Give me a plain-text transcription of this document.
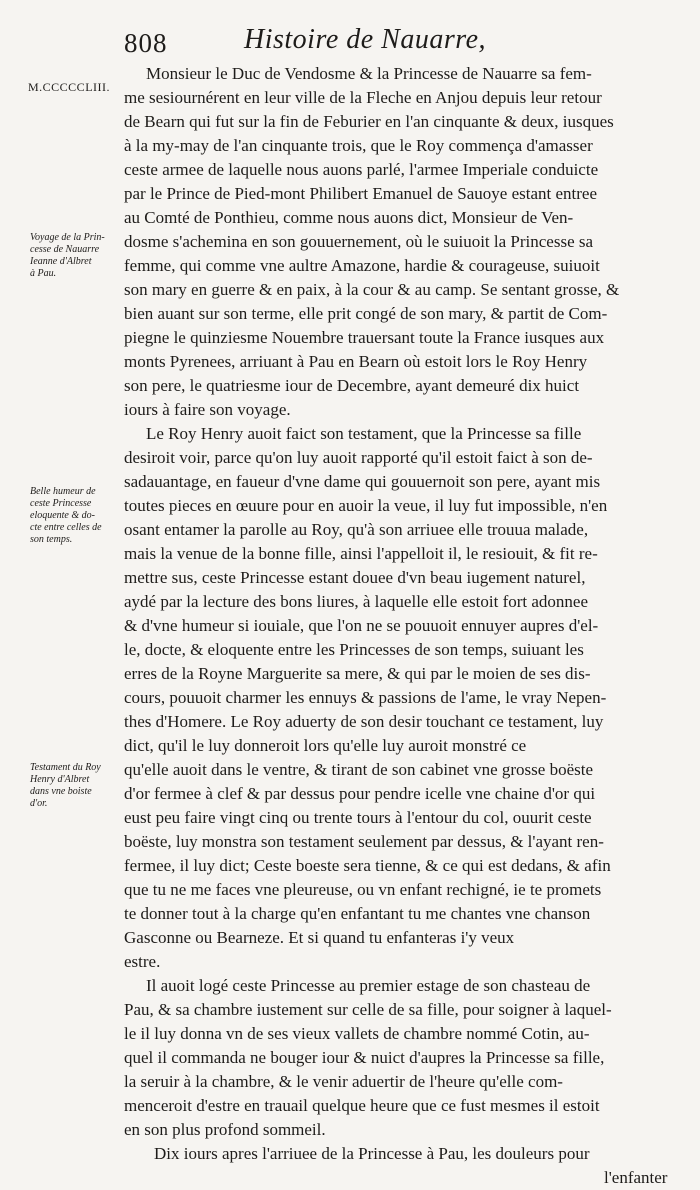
808	Histoire de Nauarre,
M.CCCCCLIII.
Voyage de la Prin-
cesse de Nauarre
Ieanne d'Albret
à Pau.
Belle humeur de
ceste Princesse
eloquente & do-
cte entre celles de
son temps.
Testament du Roy
Henry d'Albret
dans vne boiste
d'or.
Monsieur le Duc de Vendosme & la Princesse de Nauarre sa fem-
me sesiournérent en leur ville de la Fleche en Anjou depuis leur retour
de Bearn qui fut sur la fin de Feburier en l'an cinquante & deux, iusques
à la my-may de l'an cinquante trois, que le Roy commença d'amasser
ceste armee de laquelle nous auons parlé, l'armee Imperiale conduicte
par le Prince de Pied-mont Philibert Emanuel de Sauoye estant entree
au Comté de Ponthieu, comme nous auons dict, Monsieur de Ven-
dosme s'achemina en son gouuernement, où le suiuoit la Princesse sa
femme, qui comme vne aultre Amazone, hardie & courageuse, suiuoit
son mary en guerre & en paix, à la cour & au camp. Se sentant grosse, &
bien auant sur son terme, elle prit congé de son mary, & partit de Com-
piegne le quinziesme Nouembre trauersant toute la France iusques aux
monts Pyrenees, arriuant à Pau en Bearn où estoit lors le Roy Henry
son pere, le quatriesme iour de Decembre, ayant demeuré dix huict
iours à faire son voyage.
Le Roy Henry auoit faict son testament, que la Princesse sa fille
desiroit voir, parce qu'on luy auoit rapporté qu'il estoit faict à son de-
sadauantage, en faueur d'vne dame qui gouuernoit son pere, ayant mis
toutes pieces en œuure pour en auoir la veue, il luy fut impossible, n'en
osant entamer la parolle au Roy, qu'à son arriuee elle trouua malade,
mais la venue de la bonne fille, ainsi l'appelloit il, le resiouit, & fit re-
mettre sus, ceste Princesse estant douee d'vn beau iugement naturel,
aydé par la lecture des bons liures, à laquelle elle estoit fort adonnee
& d'vne humeur si iouiale, que l'on ne se pouuoit ennuyer aupres d'el-
le, docte, & eloquente entre les Princesses de son temps, suiuant les
erres de la Royne Marguerite sa mere, & qui par le moien de ses dis-
cours, pouuoit charmer les ennuys & passions de l'ame, le vray Nepen-
thes d'Homere. Le Roy aduerty de son desir touchant ce testament, luy
dict, qu'il le luy donneroit lors qu'elle luy auroit monstré ce
qu'elle auoit dans le ventre, & tirant de son cabinet vne grosse boëste
d'or fermee à clef & par dessus pour pendre icelle vne chaine d'or qui
eust peu faire vingt cinq ou trente tours à l'entour du col, ouurit ceste
boëste, luy monstra son testament seulement par dessus, & l'ayant ren-
fermee, il luy dict; Ceste boeste sera tienne, & ce qui est dedans, & afin
que tu ne me faces vne pleureuse, ou vn enfant rechigné, ie te promets
te donner tout à la charge qu'en enfantant tu me chantes vne chanson
Gasconne ou Bearneze. Et si quand tu enfanteras i'y veux
estre.
Il auoit logé ceste Princesse au premier estage de son chasteau de
Pau, & sa chambre iustement sur celle de sa fille, pour soigner à laquel-
le il luy donna vn de ses vieux vallets de chambre nommé Cotin, au-
quel il commanda ne bouger iour & nuict d'aupres la Princesse sa fille,
la seruir à la chambre, & le venir aduertir de l'heure qu'elle com-
menceroit d'estre en trauail quelque heure que ce fust mesmes il estoit
en son plus profond sommeil.
Dix iours apres l'arriuee de la Princesse à Pau, les douleurs pour
l'enfanter
